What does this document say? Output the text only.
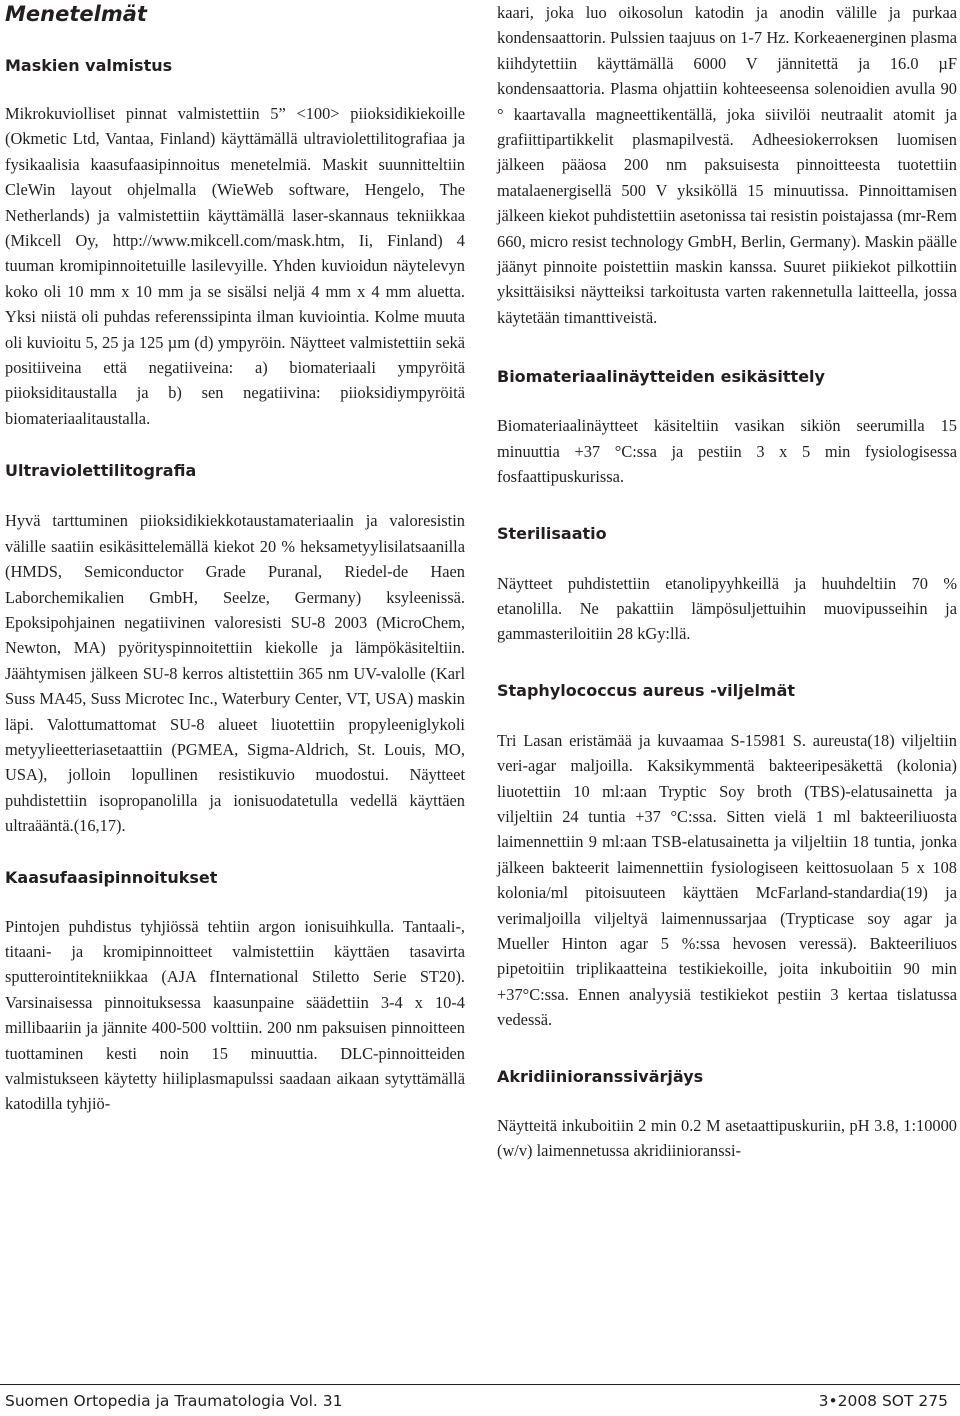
Menetelmät
Maskien valmistus

Mikrokuviolliset pinnat valmistettiin 5” <100> piioksidikiekoille (Okmetic Ltd, Vantaa, Finland) käyttämällä ultraviolettilitografiaa ja fysikaalisia kaasufaasipinnoitus menetelmiä. Maskit suunnitteltiin CleWin layout ohjelmalla (WieWeb software, Hengelo, The Netherlands) ja valmistettiin käyttämällä laser-skannaus tekniikkaa (Mikcell Oy, http://www.mikcell.com/mask.htm, Ii, Finland) 4 tuuman kromipinnoitetuille lasilevyille. Yhden kuvioidun näytelevyn koko oli 10 mm x 10 mm ja se sisälsi neljä 4 mm x 4 mm aluetta. Yksi niistä oli puhdas referenssipinta ilman kuviointia. Kolme muuta oli kuvioitu 5, 25 ja 125 µm (d) ympyröin. Näytteet valmistettiin sekä positiiveina että negatiiveina: a) biomateriaali ympyröitä piioksiditaustalla ja b) sen negatiivina: piioksidiympyröitä biomateriaalitaustalla.

Ultraviolettilitografia

Hyvä tarttuminen piioksidikiekkotaustamateriaalin ja valoresistin välille saatiin esikäsittelemällä kiekot 20 % heksametyylisilatsaanilla (HMDS, Semiconductor Grade Puranal, Riedel-de Haen Laborchemikalien GmbH, Seelze, Germany) ksyleenissä. Epoksipohjainen negatiivinen valoresisti SU-8 2003 (MicroChem, Newton, MA) pyörityspinnoitettiin kiekolle ja lämpökäsiteltiin. Jäähtymisen jälkeen SU-8 kerros altistettiin 365 nm UV-valolle (Karl Suss MA45, Suss Microtec Inc., Waterbury Center, VT, USA) maskin läpi. Valottumattomat SU-8 alueet liuotettiin propyleeniglykoli metyylieetteriasetaattiin (PGMEA, Sigma-Aldrich, St. Louis, MO, USA), jolloin lopullinen resistikuvio muodostui. Näytteet puhdistettiin isopropanolilla ja ionisuodatetulla vedellä käyttäen ultraääntä.(16,17).

Kaasufaasipinnoitukset

Pintojen puhdistus tyhjiössä tehtiin argon ionisuihkulla. Tantaali-, titaani- ja kromipinnoitteet valmistettiin käyttäen tasavirta sputterointitekniikkaa (AJA fInternational Stiletto Serie ST20). Varsinaisessa pinnoituksessa kaasunpaine säädettiin 3-4 x 10-4 millibaariin ja jännite 400-500 volttiin. 200 nm paksuisen pinnoitteen tuottaminen kesti noin 15 minuuttia. DLC-pinnoitteiden valmistukseen käytetty hiiliplasmapulssi saadaan aikaan sytyttämällä katodilla tyhjiö-

kaari, joka luo oikosolun katodin ja anodin välille ja purkaa kondensaattorin. Pulssien taajuus on 1-7 Hz. Korkeaenerginen plasma kiihdytettiin käyttämällä 6000 V jännitettä ja 16.0 µF kondensaattoria. Plasma ohjattiin kohteeseensa solenoidien avulla 90 ° kaartavalla magneettikentällä, joka siivilöi neutraalit atomit ja grafiittipartikkelit plasmapilvestä. Adheesiokerroksen luomisen jälkeen pääosa 200 nm paksuisesta pinnoitteesta tuotettiin matalaenergisellä 500 V yksiköllä 15 minuutissa. Pinnoittamisen jälkeen kiekot puhdistettiin asetonissa tai resistin poistajassa (mr-Rem 660, micro resist technology GmbH, Berlin, Germany). Maskin päälle jäänyt pinnoite poistettiin maskin kanssa. Suuret piikiekot pilkottiin yksittäisiksi näytteiksi tarkoitusta varten rakennetulla laitteella, jossa käytetään timanttiveistä.

Biomateriaalinäytteiden esikäsittely

Biomateriaalinäytteet käsiteltiin vasikan sikiön seerumilla 15 minuuttia +37 °C:ssa ja pestiin 3 x 5 min fysiologisessa fosfaattipuskurissa.

Sterilisaatio

Näytteet puhdistettiin etanolipyyhkeillä ja huuhdeltiin 70 % etanolilla. Ne pakattiin lämpösuljettuihin muovipusseihin ja gammasteriloitiin 28 kGy:llä.

Staphylococcus aureus -viljelmät

Tri Lasan eristämää ja kuvaamaa S-15981 S. aureusta(18) viljeltiin veri-agar maljoilla. Kaksikymmentä bakteeripesäkettä (kolonia) liuotettiin 10 ml:aan Tryptic Soy broth (TBS)-elatusainetta ja viljeltiin 24 tuntia +37 °C:ssa. Sitten vielä 1 ml bakteeriliuosta laimennettiin 9 ml:aan TSB-elatusainetta ja viljeltiin 18 tuntia, jonka jälkeen bakteerit laimennettiin fysiologiseen keittosuolaan 5 x 108 kolonia/ml pitoisuuteen käyttäen McFarland-standardia(19) ja verimaljoilla viljeltyä laimennussarjaa (Trypticase soy agar ja Mueller Hinton agar 5 %:ssa hevosen veressä). Bakteeriliuos pipetoitiin triplikaatteina testikiekoille, joita inkuboitiin 90 min +37°C:ssa. Ennen analyysiä testikiekot pestiin 3 kertaa tislatussa vedessä.

Akridiinioranssivärjäys

Näytteitä inkuboitiin 2 min 0.2 M asetaattipuskuriin, pH 3.8, 1:10000 (w/v) laimennetussa akridiinioranssi-

Suomen Ortopedia ja Traumatologia Vol. 31	3•2008 SOT 275
